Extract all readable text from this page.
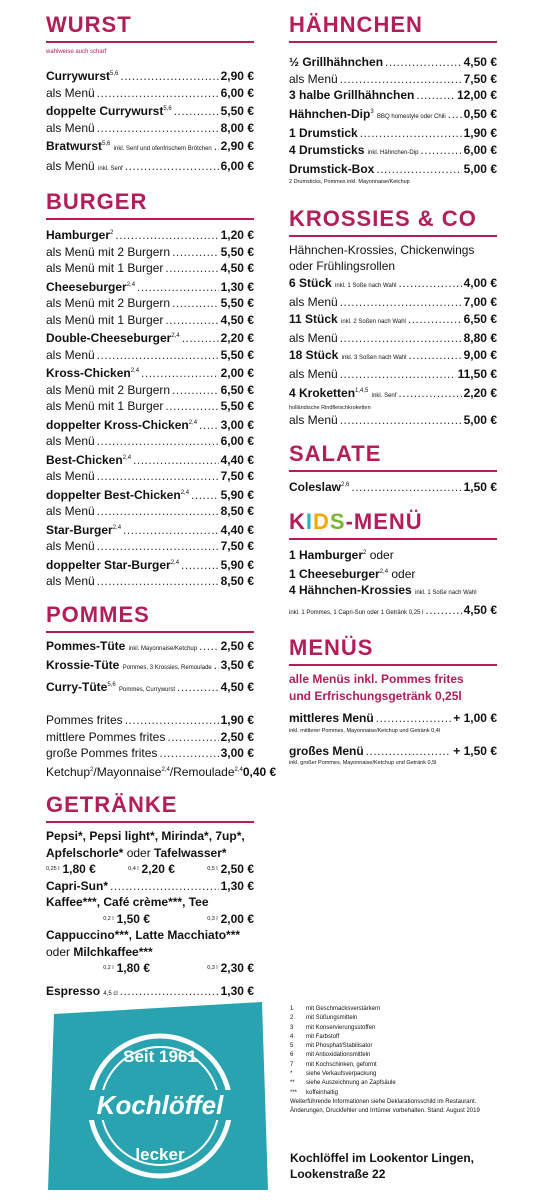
WURST
wahlweise auch scharf
Currywurst$^{5,6}$ .....	2,90 €
als Menü .....	6,00 €
doppelte Currywurst$^{5,6}$ .....	5,50 €
als Menü .....	8,00 €
Bratwurst$^{5,6}$ inkl. Senf und ofenfrischem Brötchen ..... 2,90 €
als Menü inkl. Senf .....	6,00 €
BURGER
Hamburger$^2$ .....	1,20 €
als Menü mit 2 Burgern .....	5,50 €
als Menü mit 1 Burger .....	4,50 €
Cheeseburger$^{2,4}$ .....	1,30 €
als Menü mit 2 Burgern .....	5,50 €
als Menü mit 1 Burger .....	4,50 €
Double-Cheeseburger$^{2,4}$ .....	2,20 €
als Menü .....	5,50 €
Kross-Chicken$^{2,4}$ .....	2,00 €
als Menü mit 2 Burgern .....	6,50 €
als Menü mit 1 Burger .....	5,50 €
doppelter Kross-Chicken$^{2,4}$ ..... 3,00 €
als Menü .....	6,00 €
Best-Chicken$^{2,4}$ .....	4,40 €
als Menü .....	7,50 €
doppelter Best-Chicken$^{2,4}$ .....	5,90 €
als Menü .....	8,50 €
Star-Burger$^{2,4}$ .....	4,40 €
als Menü .....	7,50 €
doppelter Star-Burger$^{2,4}$ .....	5,90 €
als Menü .....	8,50 €
POMMES
Pommes-Tüte inkl. Mayonnaise/Ketchup ..... 2,50 €
Krossie-Tüte Pommes, 3 Krossies, Remoulade ..... 3,50 €
Curry-Tüte$^{5,6}$ Pommes, Currywurst .....	4,50 €
Pommes frites .....	1,90 €
mittlere Pommes frites .....	2,50 €
große Pommes frites .....	3,00 €
Ketchup$^2$/Mayonnaise$^{2,4}$/Remoulade$^{2,4}$ 0,40 €
GETRÄNKE
Pepsi*, Pepsi light*, Mirinda*, 7up*,
Apfelschorle* oder Tafelwasser*
0,25 l 1,80 €	0,4 l 2,20 €	0,5 l 2,50 €
Capri-Sun* .....	1,30 €
Kaffee***, Café crème***, Tee
0,2 l 1,50 €	0,3 l 2,00 €
Cappuccino***, Latte Macchiato***
oder Milchkaffee***
0,2 l 1,80 €	0,3 l 2,30 €
Espresso 4,5 cl .....	1,30 €
HÄHNCHEN
½ Grillhähnchen .....	4,50 €
als Menü .....	7,50 €
3 halbe Grillhähnchen .....	12,00 €
Hähnchen-Dip$^3$ BBQ homestyle oder Chili ..... 0,50 €
1 Drumstick .....	1,90 €
4 Drumsticks inkl. Hähnchen-Dip .....	6,00 €
Drumstick-Box .....	5,00 €
2 Drumsticks, Pommes inkl. Mayonnaise/Ketchup
KROSSIES & CO
Hähnchen-Krossies, Chickenwings
oder Frühlingsrollen
6 Stück inkl. 1 Soße nach Wahl .....	4,00 €
als Menü .....	7,00 €
11 Stück inkl. 2 Soßen nach Wahl .....	6,50 €
als Menü .....	8,80 €
18 Stück inkl. 3 Soßen nach Wahl .....	9,00 €
als Menü .....	11,50 €
4 Kroketten$^{1,4,5}$ inkl. Senf .....	2,20 €
holländische Rindfleischkroketten
als Menü .....	5,00 €
SALATE
Coleslaw$^{2,6}$ .....	1,50 €
KIDS-MENÜ
1 Hamburger$^2$ oder
1 Cheeseburger$^{2,4}$ oder
4 Hähnchen-Krossies inkl. 1 Soße nach Wahl
inkl. 1 Pommes, 1 Capri-Sun oder 1 Getränk 0,25 l .....	4,50 €
MENÜS
alle Menüs inkl. Pommes frites
und Erfrischungsgetränk 0,25l
mittleres Menü .....	+ 1,00 €
inkl. mittlerer Pommes, Mayonnaise/Ketchup und Getränk 0,4l
großes Menü .....	+ 1,50 €
inkl. großer Pommes, Mayonnaise/Ketchup und Getränk 0,5l
Seit 1961
Kochlöffel
lecker
1	mit Geschmacksverstärkern
2	mit Süßungsmitteln
3	mit Konservierungsstoffen
4	mit Farbstoff
5	mit Phosphat/Stabilisator
6	mit Antioxidationsmitteln
7	mit Kochschinken, geformt
*	siehe Verkaufsverpackung
**	siehe Auszeichnung an Zapfsäule
***	koffeinhaltig
Weiterführende Informationen siehe Deklarationsschild im Restaurant.
Änderungen, Druckfehler und Irrtümer vorbehalten. Stand: August 2019
Kochlöffel im Lookentor Lingen,
Lookenstraße 22
